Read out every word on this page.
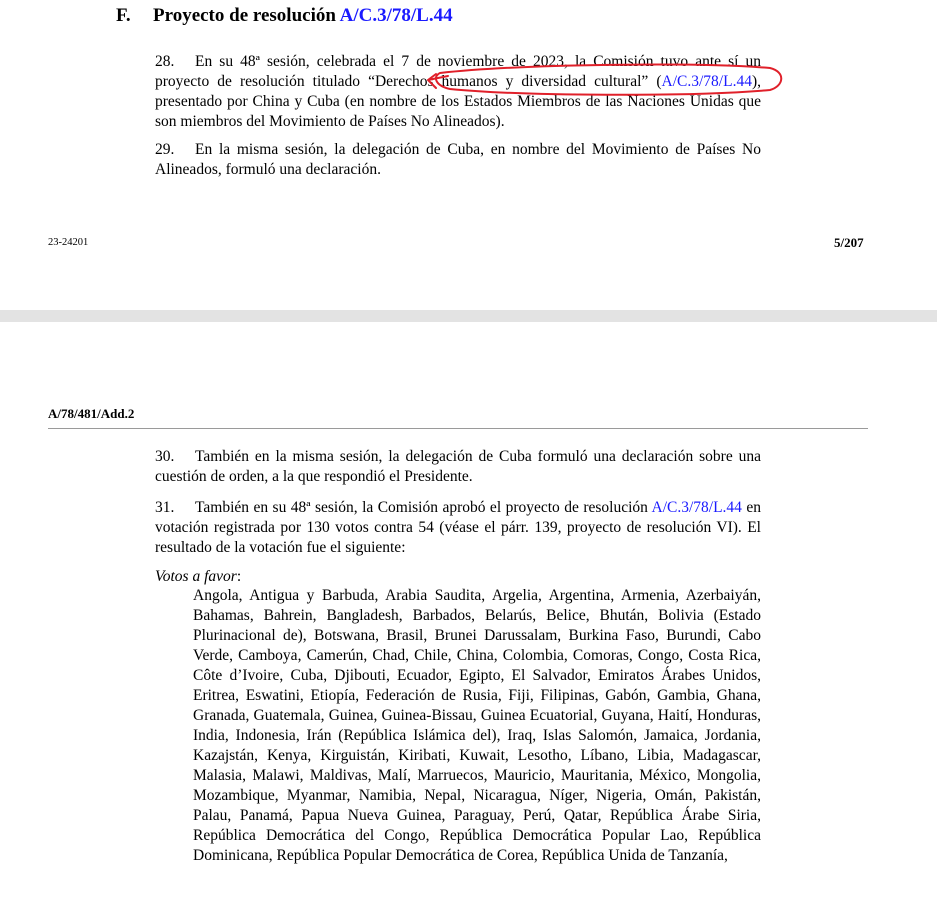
F. Proyecto de resolución A/C.3/78/L.44
28. En su 48ª sesión, celebrada el 7 de noviembre de 2023, la Comisión tuvo ante sí un proyecto de resolución titulado “Derechos humanos y diversidad cultural” (A/C.3/78/L.44), presentado por China y Cuba (en nombre de los Estados Miembros de las Naciones Unidas que son miembros del Movimiento de Países No Alineados).
29. En la misma sesión, la delegación de Cuba, en nombre del Movimiento de Países No Alineados, formuló una declaración.
23-24201	5/207
A/78/481/Add.2
30. También en la misma sesión, la delegación de Cuba formuló una declaración sobre una cuestión de orden, a la que respondió el Presidente.
31. También en su 48ª sesión, la Comisión aprobó el proyecto de resolución A/C.3/78/L.44 en votación registrada por 130 votos contra 54 (véase el párr. 139, proyecto de resolución VI). El resultado de la votación fue el siguiente:
Votos a favor:
Angola, Antigua y Barbuda, Arabia Saudita, Argelia, Argentina, Armenia, Azerbaiyán, Bahamas, Bahrein, Bangladesh, Barbados, Belarús, Belice, Bhután, Bolivia (Estado Plurinacional de), Botswana, Brasil, Brunei Darussalam, Burkina Faso, Burundi, Cabo Verde, Camboya, Camerún, Chad, Chile, China, Colombia, Comoras, Congo, Costa Rica, Côte d’Ivoire, Cuba, Djibouti, Ecuador, Egipto, El Salvador, Emiratos Árabes Unidos, Eritrea, Eswatini, Etiopía, Federación de Rusia, Fiji, Filipinas, Gabón, Gambia, Ghana, Granada, Guatemala, Guinea, Guinea-Bissau, Guinea Ecuatorial, Guyana, Haití, Honduras, India, Indonesia, Irán (República Islámica del), Iraq, Islas Salomón, Jamaica, Jordania, Kazajstán, Kenya, Kirguistán, Kiribati, Kuwait, Lesotho, Líbano, Libia, Madagascar, Malasia, Malawi, Maldivas, Malí, Marruecos, Mauricio, Mauritania, México, Mongolia, Mozambique, Myanmar, Namibia, Nepal, Nicaragua, Níger, Nigeria, Omán, Pakistán, Palau, Panamá, Papua Nueva Guinea, Paraguay, Perú, Qatar, República Árabe Siria, República Democrática del Congo, República Democrática Popular Lao, República Dominicana, República Popular Democrática de Corea, República Unida de Tanzanía,
